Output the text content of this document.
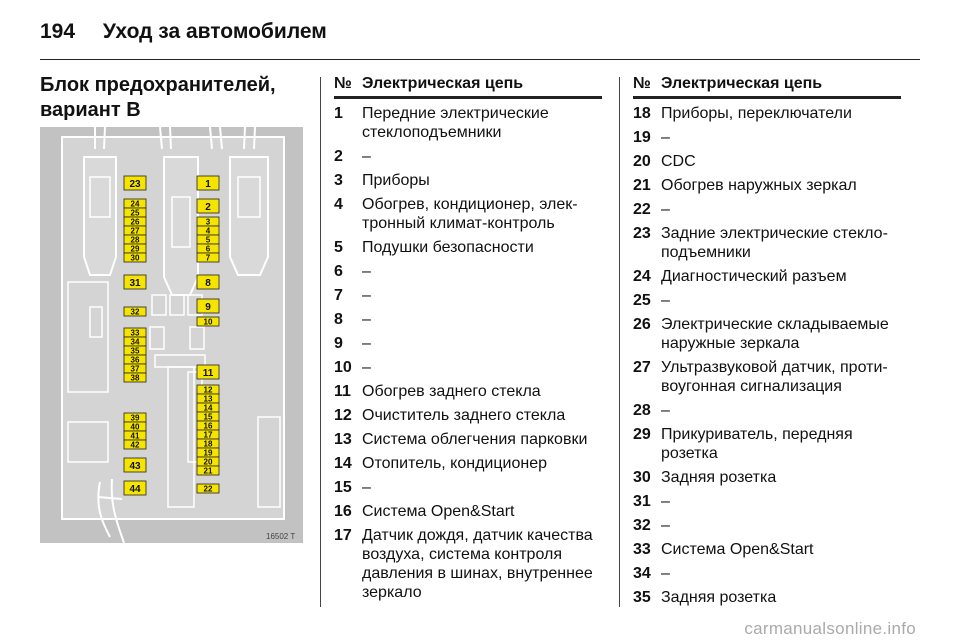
194 Уход за автомобилем
Блок предохранителей,
вариант B
23
24
25
26
27
28
29
30
31
32
33
34
35
36
37
38
39
40
41
42
43
44
1
2
3
4
5
6
7
8
9
10
11
12
13
14
15
16
17
18
19
20
21
22
16502 T
№ Электрическая цепь
1	Передние электрические стеклоподъемники
2	–
3	Приборы
4	Обогрев, кондиционер, элек-тронный климат-контроль
5	Подушки безопасности
6	–
7	–
8	–
9	–
10 –
11 Обогрев заднего стекла
12 Очиститель заднего стекла
13 Система облегчения парковки
14 Отопитель, кондиционер
15 –
16 Система Open&Start
17 Датчик дождя, датчик качества воздуха, система контроля давления в шинах, внутреннее зеркало
№ Электрическая цепь
18 Приборы, переключатели
19 –
20 CDC
21 Обогрев наружных зеркал
22 –
23 Задние электрические стекло-подъемники
24 Диагностический разъем
25 –
26 Электрические складываемые наружные зеркала
27 Ультразвуковой датчик, проти-воугонная сигнализация
28 –
29 Прикуриватель, передняя розетка
30 Задняя розетка
31 –
32 –
33 Система Open&Start
34 –
35 Задняя розетка
carmanualsonline.info
